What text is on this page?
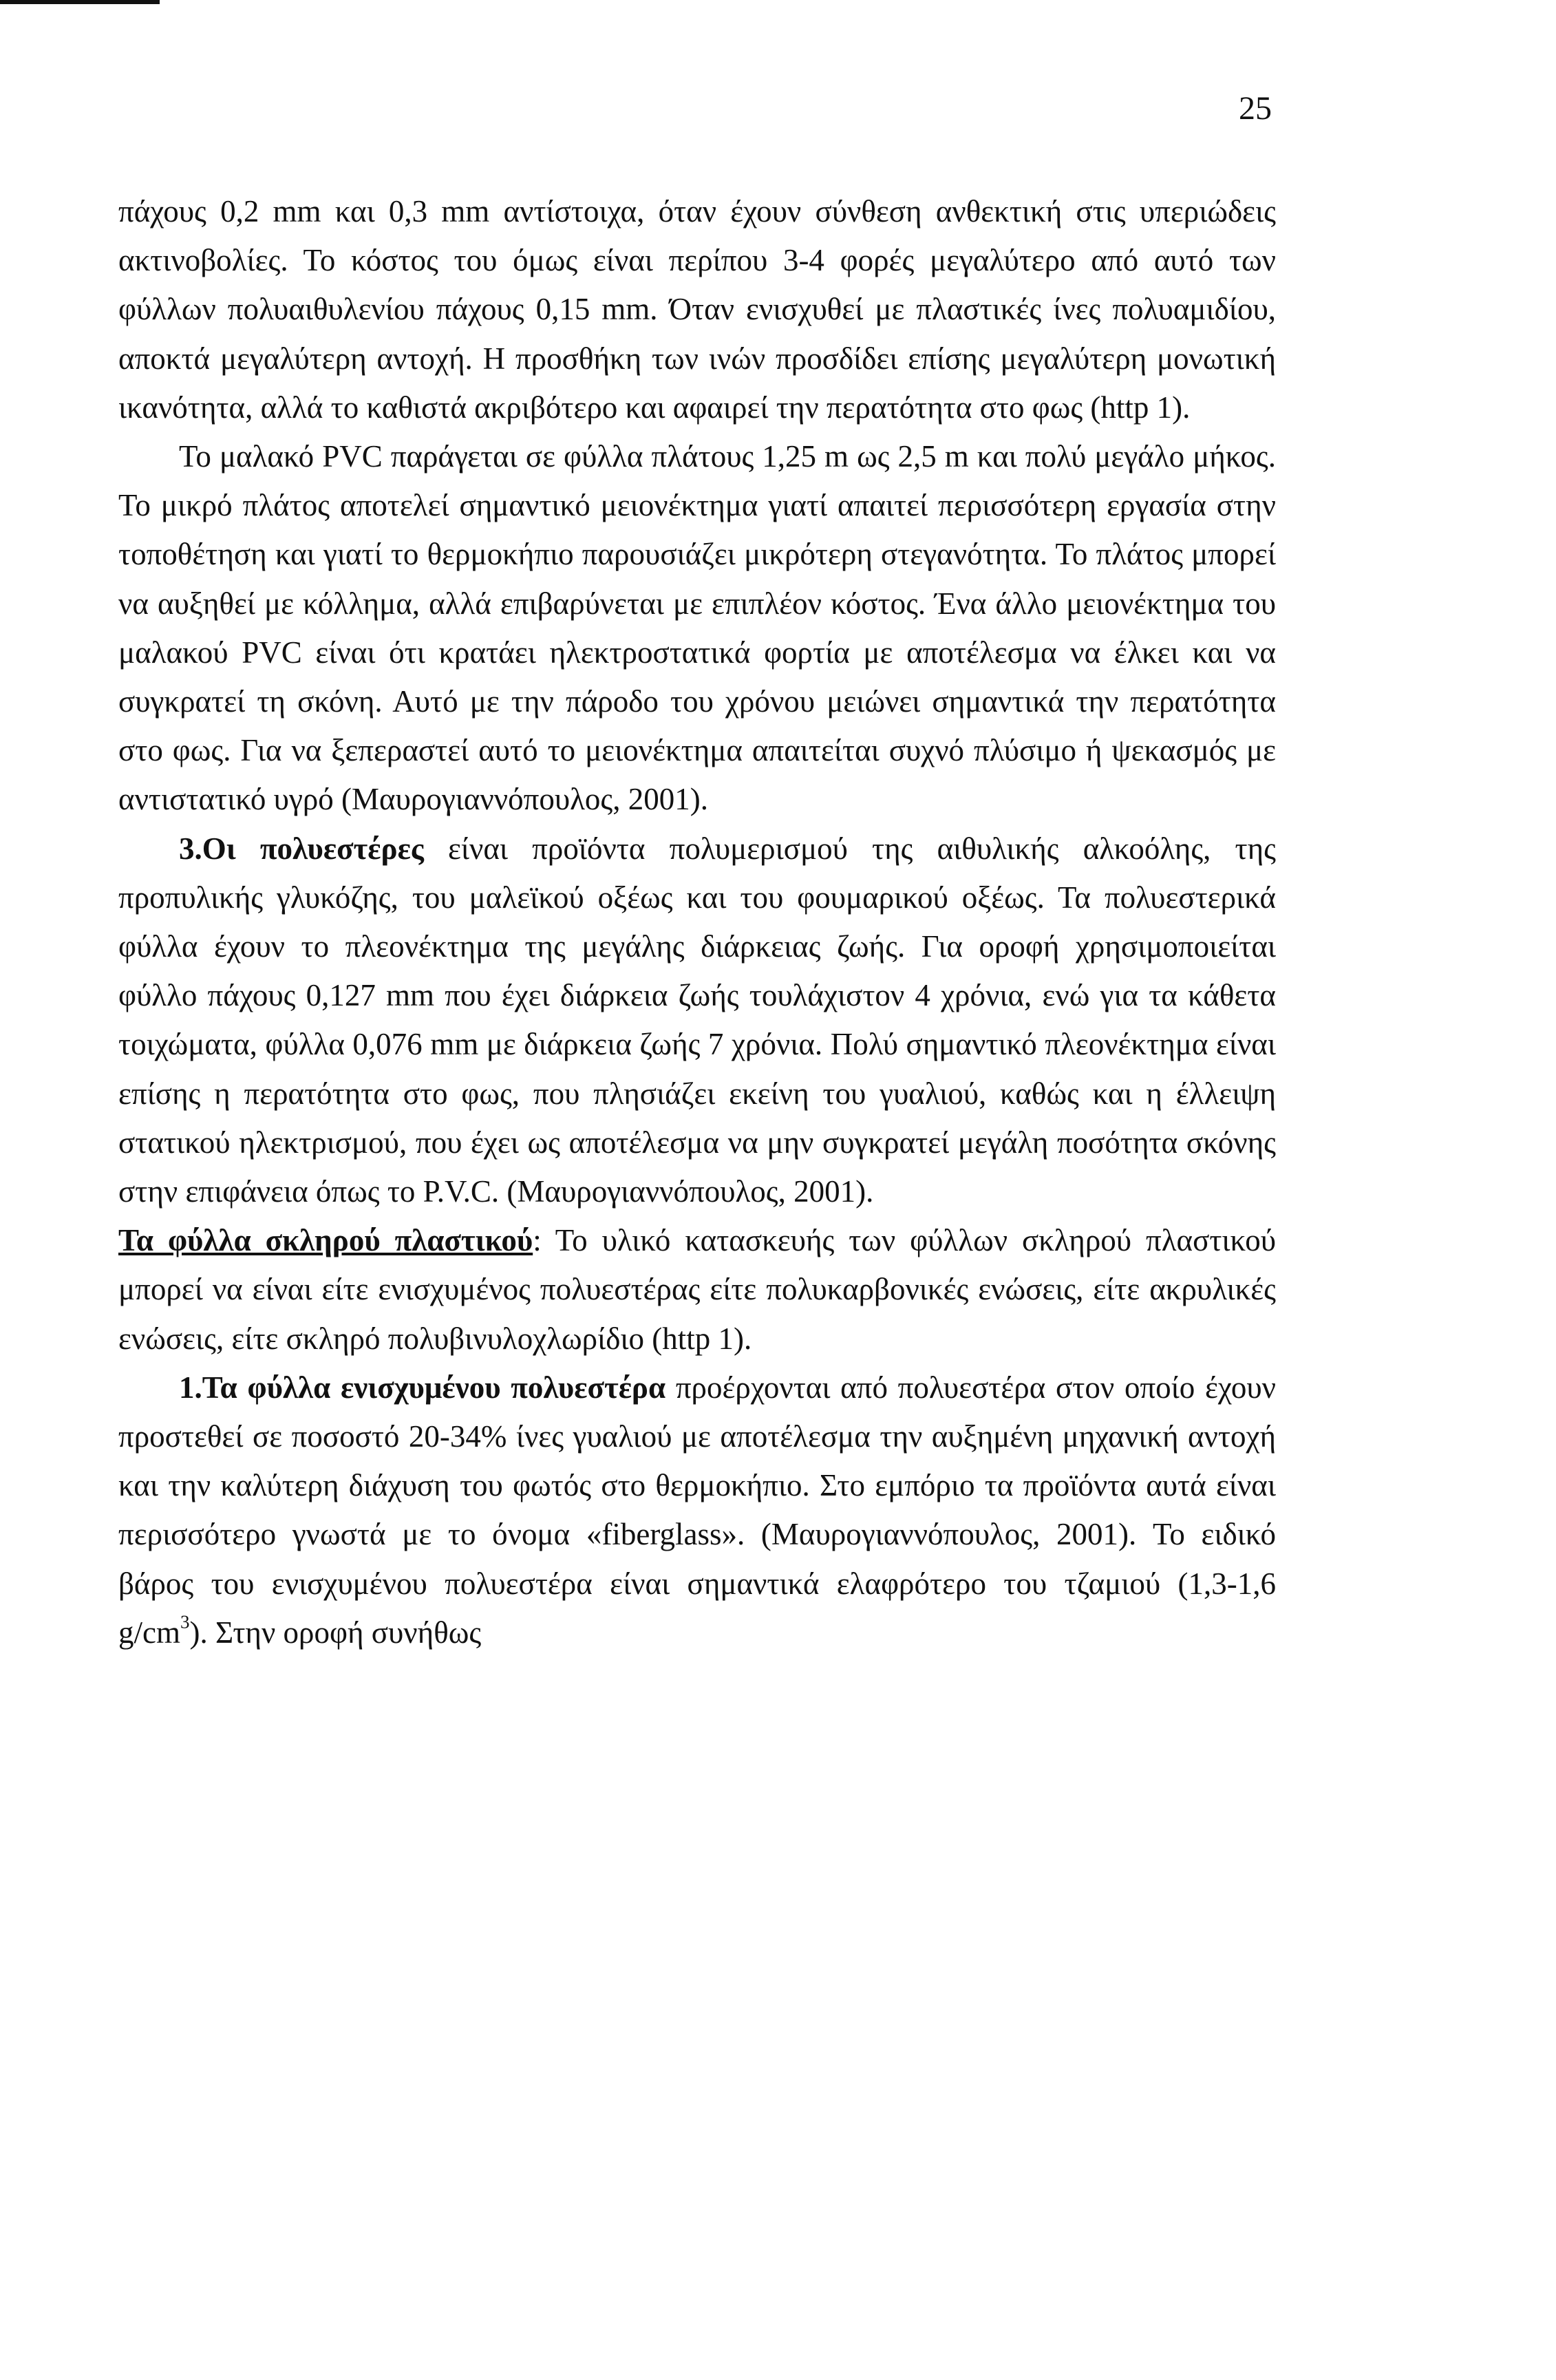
25

πάχους 0,2 mm και 0,3 mm αντίστοιχα, όταν έχουν σύνθεση ανθεκτική στις υπεριώδεις ακτινοβολίες. Το κόστος του όμως είναι περίπου 3-4 φορές μεγαλύτερο από αυτό των φύλλων πολυαιθυλενίου πάχους 0,15 mm. Όταν ενισχυθεί με πλαστικές ίνες πολυαμιδίου, αποκτά μεγαλύτερη αντοχή. Η προσθήκη των ινών προσδίδει επίσης μεγαλύτερη μονωτική ικανότητα, αλλά το καθιστά ακριβότερο και αφαιρεί την περατότητα στο φως (http 1).

Το μαλακό PVC παράγεται σε φύλλα πλάτους 1,25 m ως 2,5 m και πολύ μεγάλο μήκος. Το μικρό πλάτος αποτελεί σημαντικό μειονέκτημα γιατί απαιτεί περισσότερη εργασία στην τοποθέτηση και γιατί το θερμοκήπιο παρουσιάζει μικρότερη στεγανότητα. Το πλάτος μπορεί να αυξηθεί με κόλλημα, αλλά επιβαρύνεται με επιπλέον κόστος. Ένα άλλο μειονέκτημα του μαλακού PVC είναι ότι κρατάει ηλεκτροστατικά φορτία με αποτέλεσμα να έλκει και να συγκρατεί τη σκόνη. Αυτό με την πάροδο του χρόνου μειώνει σημαντικά την περατότητα στο φως. Για να ξεπεραστεί αυτό το μειονέκτημα απαιτείται συχνό πλύσιμο ή ψεκασμός με αντιστατικό υγρό (Μαυρογιαννόπουλος, 2001).

3.Οι πολυεστέρες είναι προϊόντα πολυμερισμού της αιθυλικής αλκοόλης, της προπυλικής γλυκόζης, του μαλεϊκού οξέως και του φουμαρικού οξέως. Τα πολυεστερικά φύλλα έχουν το πλεονέκτημα της μεγάλης διάρκειας ζωής. Για οροφή χρησιμοποιείται φύλλο πάχους 0,127 mm που έχει διάρκεια ζωής τουλάχιστον 4 χρόνια, ενώ για τα κάθετα τοιχώματα, φύλλα 0,076 mm με διάρκεια ζωής 7 χρόνια. Πολύ σημαντικό πλεονέκτημα είναι επίσης η περατότητα στο φως, που πλησιάζει εκείνη του γυαλιού, καθώς και η έλλειψη στατικού ηλεκτρισμού, που έχει ως αποτέλεσμα να μην συγκρατεί μεγάλη ποσότητα σκόνης στην επιφάνεια όπως το P.V.C. (Μαυρογιαννόπουλος, 2001).

Τα φύλλα σκληρού πλαστικού: Το υλικό κατασκευής των φύλλων σκληρού πλαστικού μπορεί να είναι είτε ενισχυμένος πολυεστέρας είτε πολυκαρβονικές ενώσεις, είτε ακρυλικές ενώσεις, είτε σκληρό πολυβινυλοχλωρίδιο (http 1).

1.Τα φύλλα ενισχυμένου πολυεστέρα προέρχονται από πολυεστέρα στον οποίο έχουν προστεθεί σε ποσοστό 20-34% ίνες γυαλιού με αποτέλεσμα την αυξημένη μηχανική αντοχή και την καλύτερη διάχυση του φωτός στο θερμοκήπιο. Στο εμπόριο τα προϊόντα αυτά είναι περισσότερο γνωστά με το όνομα «fiberglass». (Μαυρογιαννόπουλος, 2001). Το ειδικό βάρος του ενισχυμένου πολυεστέρα είναι σημαντικά ελαφρότερο του τζαμιού (1,3-1,6 $g/cm^3$). Στην οροφή συνήθως
